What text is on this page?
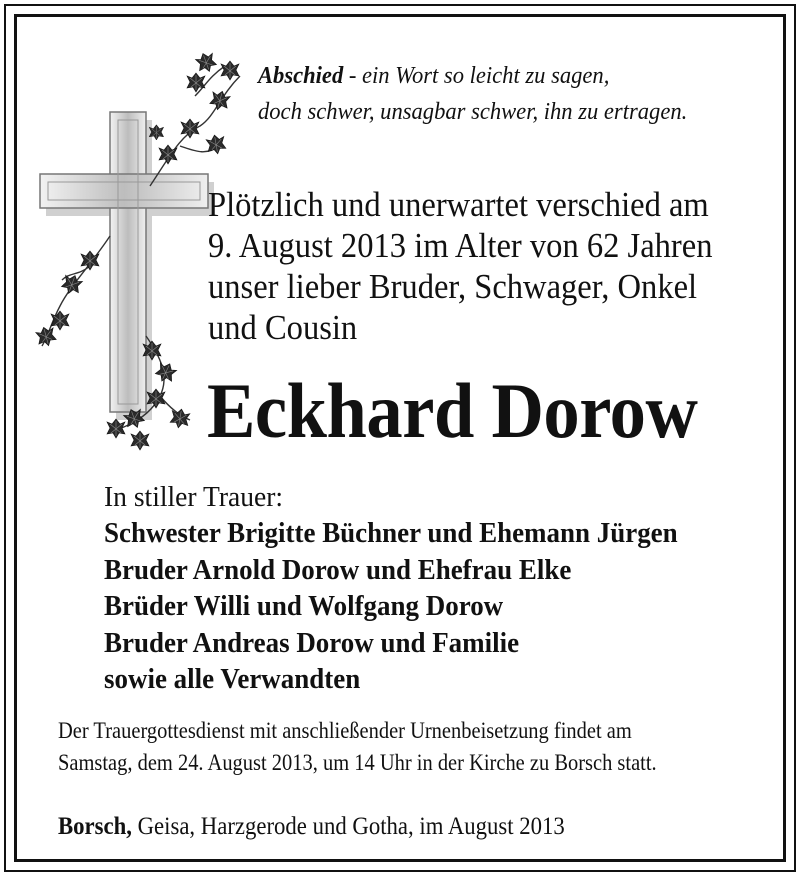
Abschied - ein Wort so leicht zu sagen,
doch schwer, unsagbar schwer, ihn zu ertragen.
Plötzlich und unerwartet verschied am
9. August 2013 im Alter von 62 Jahren
unser lieber Bruder, Schwager, Onkel
und Cousin
Eckhard Dorow
In stiller Trauer:
Schwester Brigitte Büchner und Ehemann Jürgen
Bruder Arnold Dorow und Ehefrau Elke
Brüder Willi und Wolfgang Dorow
Bruder Andreas Dorow und Familie
sowie alle Verwandten
Der Trauergottesdienst mit anschließender Urnenbeisetzung findet am
Samstag, dem 24. August 2013, um 14 Uhr in der Kirche zu Borsch statt.
Borsch, Geisa, Harzgerode und Gotha, im August 2013
